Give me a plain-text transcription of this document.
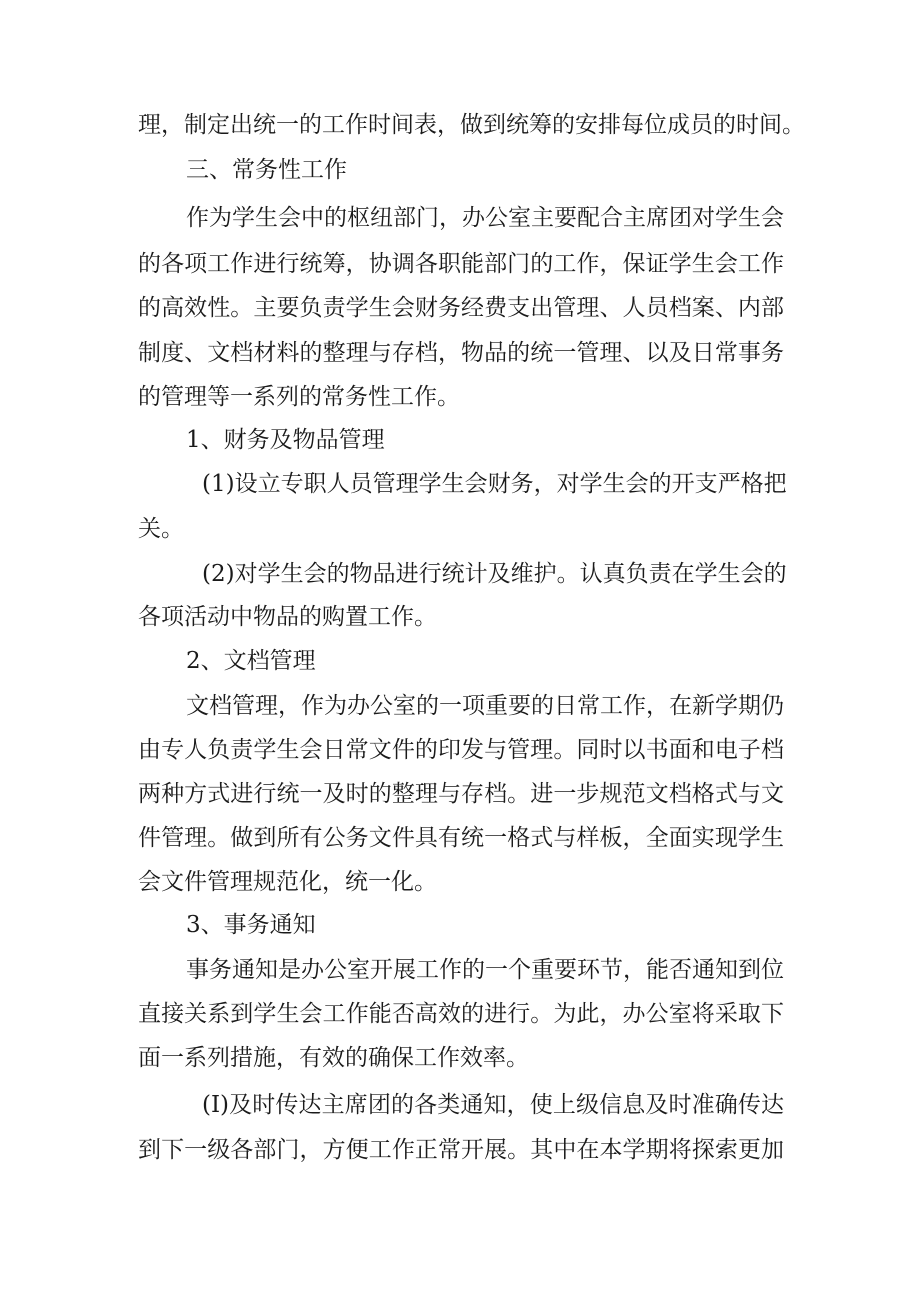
理，制定出统一的工作时间表，做到统筹的安排每位成员的时间。
三、常务性工作
作为学生会中的枢纽部门，办公室主要配合主席团对学生会
的各项工作进行统筹，协调各职能部门的工作，保证学生会工作
的高效性。主要负责学生会财务经费支出管理、人员档案、内部
制度、文档材料的整理与存档，物品的统一管理、以及日常事务
的管理等一系列的常务性工作。
1、财务及物品管理
(1)设立专职人员管理学生会财务，对学生会的开支严格把
关。
(2)对学生会的物品进行统计及维护。认真负责在学生会的
各项活动中物品的购置工作。
2、文档管理
文档管理，作为办公室的一项重要的日常工作，在新学期仍
由专人负责学生会日常文件的印发与管理。同时以书面和电子档
两种方式进行统一及时的整理与存档。进一步规范文档格式与文
件管理。做到所有公务文件具有统一格式与样板，全面实现学生
会文件管理规范化，统一化。
3、事务通知
事务通知是办公室开展工作的一个重要环节，能否通知到位
直接关系到学生会工作能否高效的进行。为此，办公室将采取下
面一系列措施，有效的确保工作效率。
(I)及时传达主席团的各类通知，使上级信息及时准确传达
到下一级各部门，方便工作正常开展。其中在本学期将探索更加
